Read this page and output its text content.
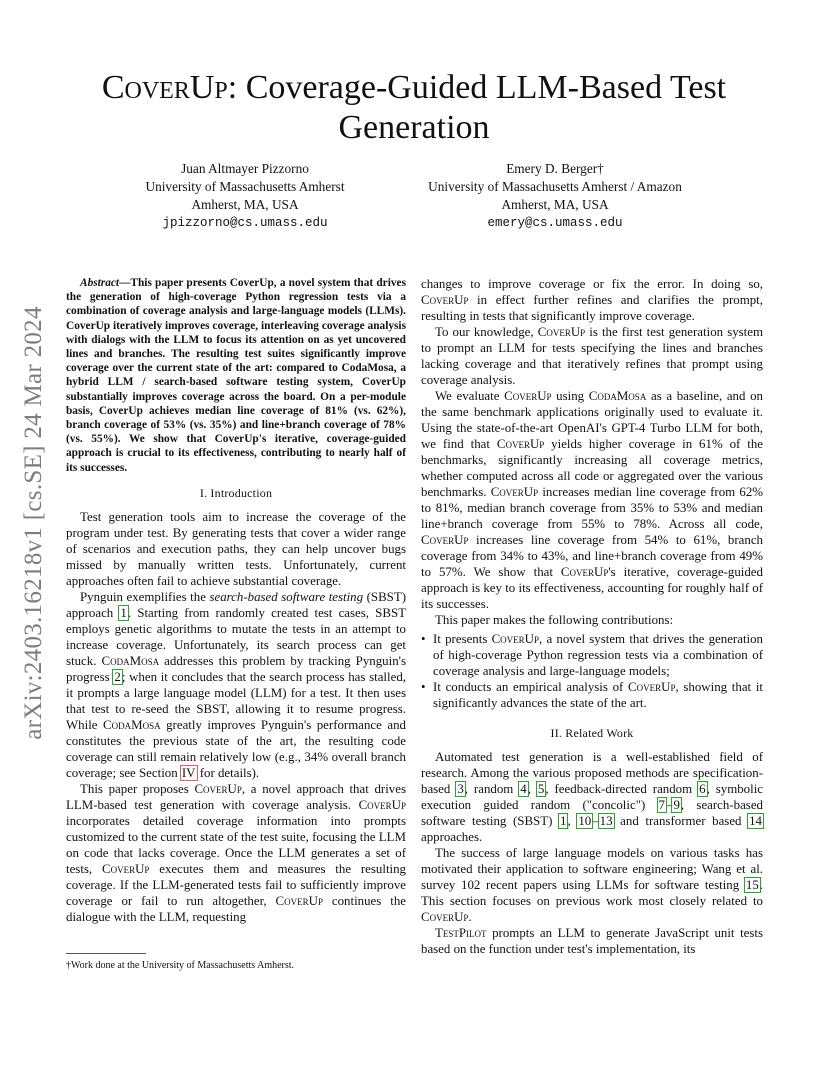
arXiv:2403.16218v1 [cs.SE] 24 Mar 2024
CoverUp: Coverage-Guided LLM-Based Test
Generation
Juan Altmayer Pizzorno
University of Massachusetts Amherst
Amherst, MA, USA
jpizzorno@cs.umass.edu
Emery D. Berger†
University of Massachusetts Amherst / Amazon
Amherst, MA, USA
emery@cs.umass.edu

Abstract—This paper presents CoverUp, a novel system that drives the generation of high-coverage Python regression tests via a combination of coverage analysis and large-language models (LLMs). CoverUp iteratively improves coverage, interleaving coverage analysis with dialogs with the LLM to focus its attention on as yet uncovered lines and branches. The resulting test suites significantly improve coverage over the current state of the art: compared to CodaMosa, a hybrid LLM / search-based software testing system, CoverUp substantially improves coverage across the board. On a per-module basis, CoverUp achieves median line coverage of 81% (vs. 62%), branch coverage of 53% (vs. 35%) and line+branch coverage of 78% (vs. 55%). We show that CoverUp's iterative, coverage-guided approach is crucial to its effectiveness, contributing to nearly half of its successes.

I. Introduction

Test generation tools aim to increase the coverage of the program under test. By generating tests that cover a wider range of scenarios and execution paths, they can help uncover bugs missed by manually written tests. Unfortunately, current approaches often fail to achieve substantial coverage.

Pynguin exemplifies the search-based software testing (SBST) approach 1. Starting from randomly created test cases, SBST employs genetic algorithms to mutate the tests in an attempt to increase coverage. Unfortunately, its search process can get stuck. CodaMosa addresses this problem by tracking Pynguin's progress 2; when it concludes that the search process has stalled, it prompts a large language model (LLM) for a test. It then uses that test to re-seed the SBST, allowing it to resume progress. While CodaMosa greatly improves Pynguin's performance and constitutes the previous state of the art, the resulting code coverage can still remain relatively low (e.g., 34% overall branch coverage; see Section IV for details).

This paper proposes CoverUp, a novel approach that drives LLM-based test generation with coverage analysis. CoverUp incorporates detailed coverage information into prompts customized to the current state of the test suite, focusing the LLM on code that lacks coverage. Once the LLM generates a set of tests, CoverUp executes them and measures the resulting coverage. If the LLM-generated tests fail to sufficiently improve coverage or fail to run altogether, CoverUp continues the dialogue with the LLM, requesting

†Work done at the University of Massachusetts Amherst.

changes to improve coverage or fix the error. In doing so, CoverUp in effect further refines and clarifies the prompt, resulting in tests that significantly improve coverage.

To our knowledge, CoverUp is the first test generation system to prompt an LLM for tests specifying the lines and branches lacking coverage and that iteratively refines that prompt using coverage analysis.

We evaluate CoverUp using CodaMosa as a baseline, and on the same benchmark applications originally used to evaluate it. Using the state-of-the-art OpenAI's GPT-4 Turbo LLM for both, we find that CoverUp yields higher coverage in 61% of the benchmarks, significantly increasing all coverage metrics, whether computed across all code or aggregated over the various benchmarks. CoverUp increases median line coverage from 62% to 81%, median branch coverage from 35% to 53% and median line+branch coverage from 55% to 78%. Across all code, CoverUp increases line coverage from 54% to 61%, branch coverage from 34% to 43%, and line+branch coverage from 49% to 57%. We show that CoverUp's iterative, coverage-guided approach is key to its effectiveness, accounting for roughly half of its successes.

This paper makes the following contributions:

• It presents CoverUp, a novel system that drives the generation of high-coverage Python regression tests via a combination of coverage analysis and large-language models;
• It conducts an empirical analysis of CoverUp, showing that it significantly advances the state of the art.
II. Related Work

Automated test generation is a well-established field of research. Among the various proposed methods are specification-based 3, random 4, 5, feedback-directed random 6, symbolic execution guided random ("concolic") 7–9, search-based software testing (SBST) 1, 10–13 and transformer based 14 approaches.

The success of large language models on various tasks has motivated their application to software engineering; Wang et al. survey 102 recent papers using LLMs for software testing 15. This section focuses on previous work most closely related to CoverUp.

TestPilot prompts an LLM to generate JavaScript unit tests based on the function under test's implementation, its
